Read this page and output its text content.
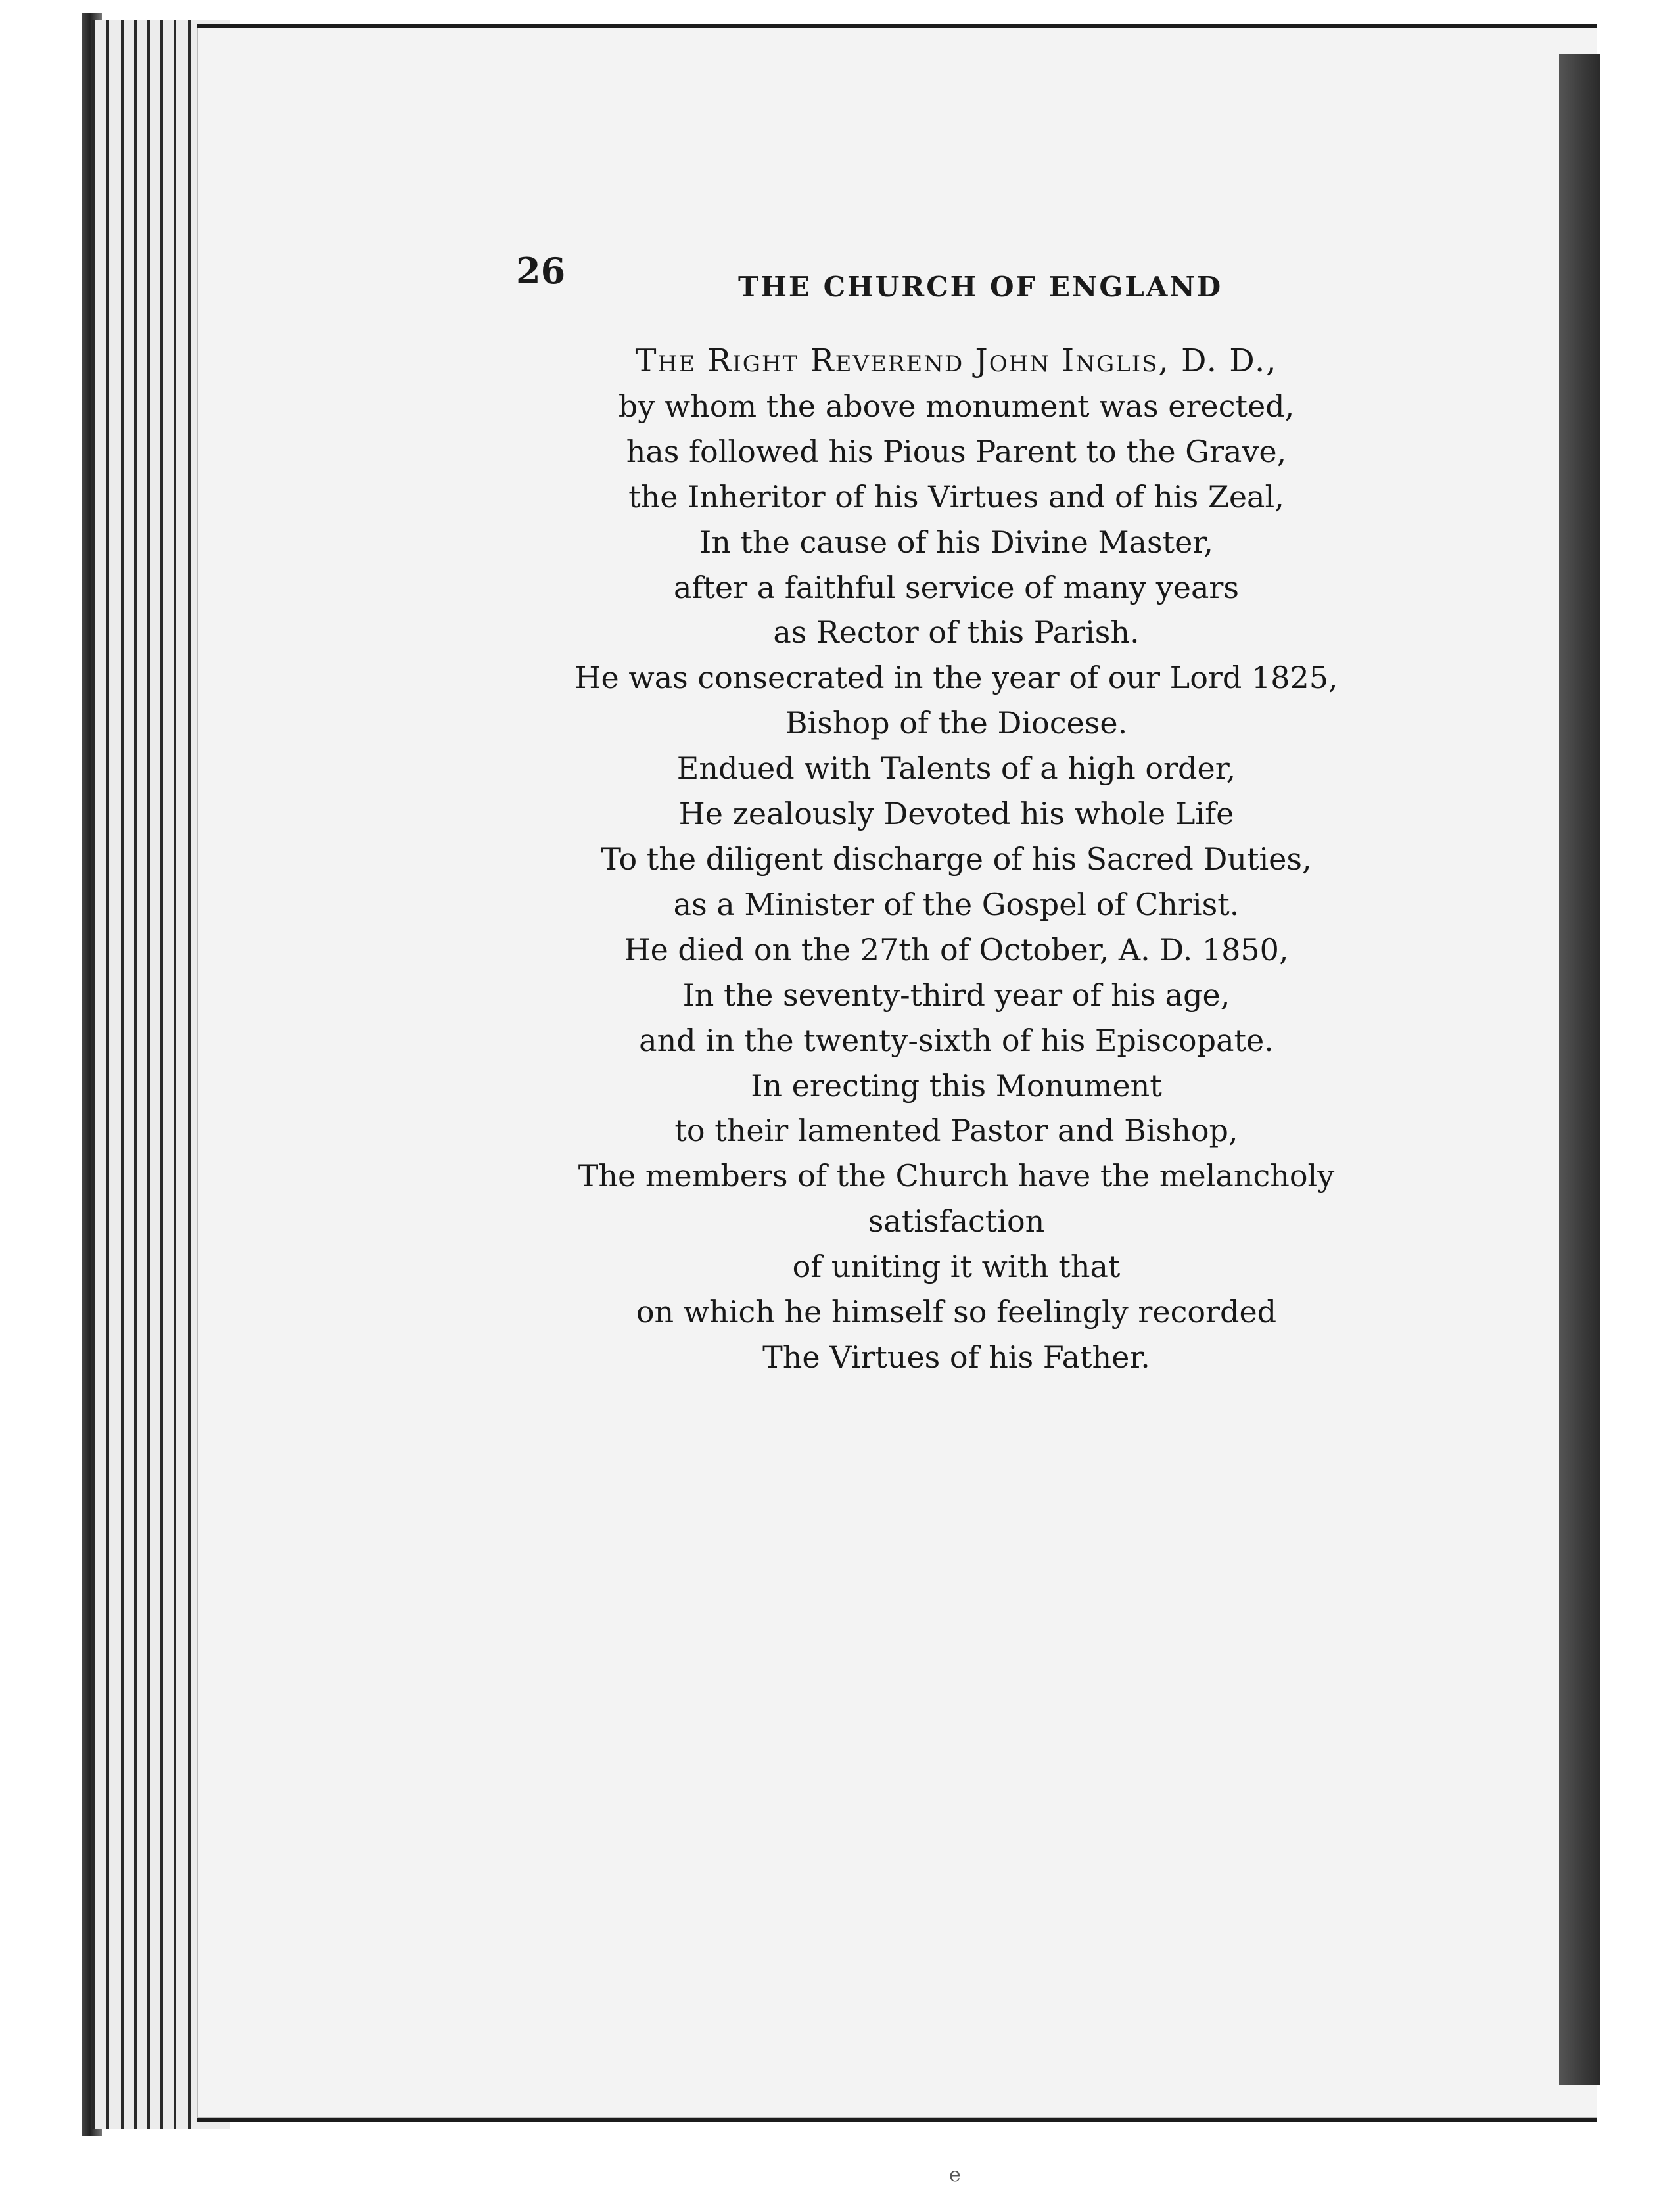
26	THE CHURCH OF ENGLAND

The Right Reverend John Inglis, D. D.,
by whom the above monument was erected,
has followed his Pious Parent to the Grave,
the Inheritor of his Virtues and of his Zeal,
In the cause of his Divine Master,
after a faithful service of many years
as Rector of this Parish.
He was consecrated in the year of our Lord 1825,
Bishop of the Diocese.
Endued with Talents of a high order,
He zealously Devoted his whole Life
To the diligent discharge of his Sacred Duties,
as a Minister of the Gospel of Christ.
He died on the 27th of October, A. D. 1850,
In the seventy-third year of his age,
and in the twenty-sixth of his Episcopate.
In erecting this Monument
to their lamented Pastor and Bishop,
The members of the Church have the melancholy
satisfaction
of uniting it with that
on which he himself so feelingly recorded
The Virtues of his Father.
e
